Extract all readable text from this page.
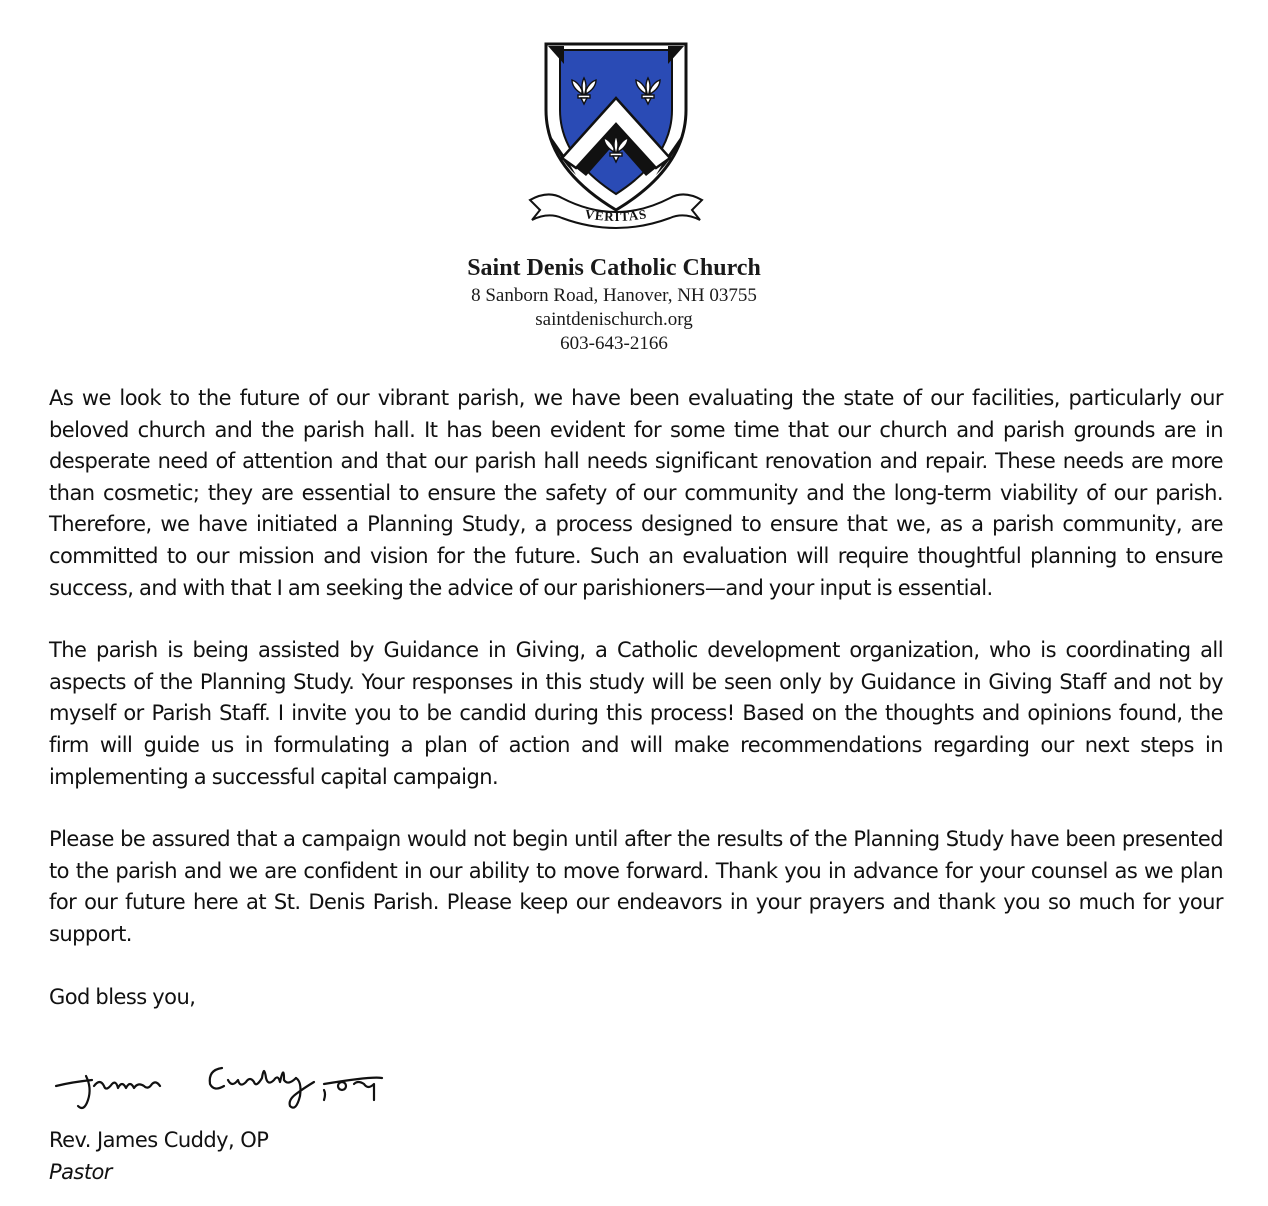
VERITAS
Saint Denis Catholic Church
8 Sanborn Road, Hanover, NH 03755
saintdenischurch.org
603-643-2166

As we look to the future of our vibrant parish, we have been evaluating the state of our facilities, particularly our beloved church and the parish hall. It has been evident for some time that our church and parish grounds are in desperate need of attention and that our parish hall needs significant renovation and repair. These needs are more than cosmetic; they are essential to ensure the safety of our community and the long-term viability of our parish. Therefore, we have initiated a Planning Study, a process designed to ensure that we, as a parish community, are committed to our mission and vision for the future. Such an evaluation will require thoughtful planning to ensure success, and with that I am seeking the advice of our parishioners—and your input is essential.

The parish is being assisted by Guidance in Giving, a Catholic development organization, who is coordinating all aspects of the Planning Study. Your responses in this study will be seen only by Guidance in Giving Staff and not by myself or Parish Staff. I invite you to be candid during this process! Based on the thoughts and opinions found, the firm will guide us in formulating a plan of action and will make recommendations regarding our next steps in implementing a successful capital campaign.

Please be assured that a campaign would not begin until after the results of the Planning Study have been presented to the parish and we are confident in our ability to move forward. Thank you in advance for your counsel as we plan for our future here at St. Denis Parish. Please keep our endeavors in your prayers and thank you so much for your support.

God bless you,

Rev. James Cuddy, OP
Pastor
